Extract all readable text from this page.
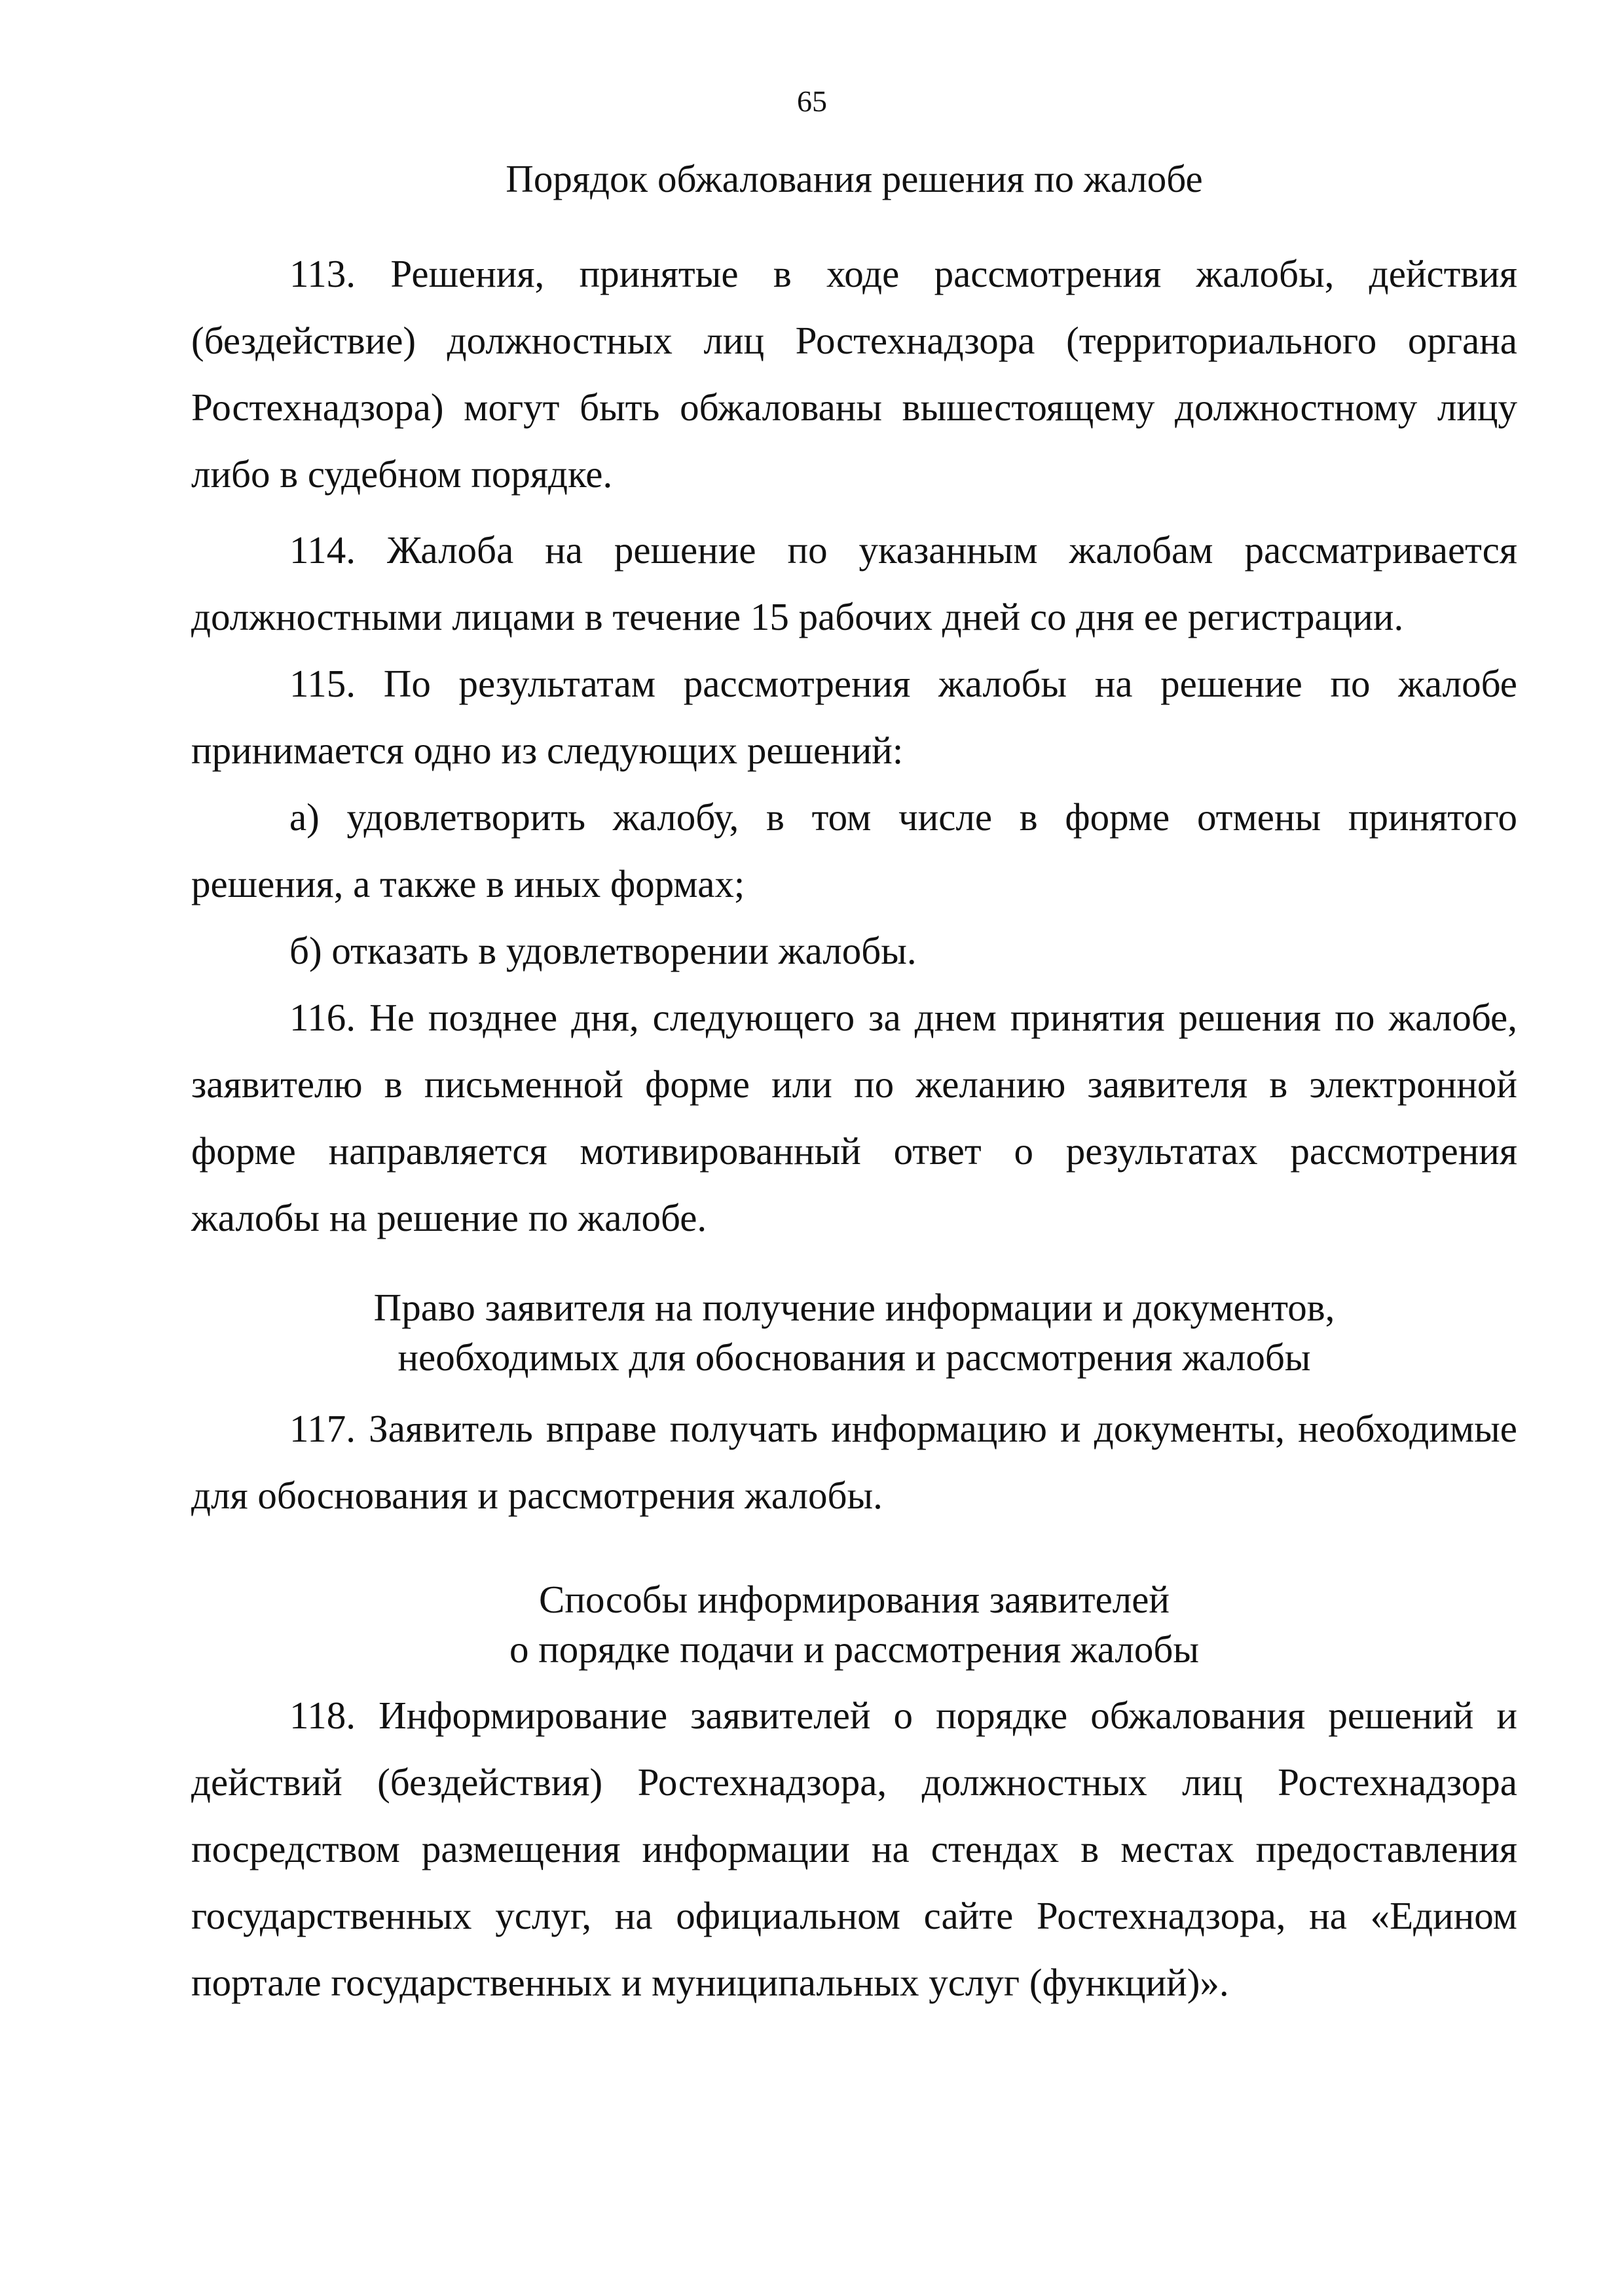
65
Порядок обжалования решения по жалобе

113. Решения, принятые в ходе рассмотрения жалобы, действия (бездействие) должностных лиц Ростехнадзора (территориального органа Ростехнадзора) могут быть обжалованы вышестоящему должностному лицу либо в судебном порядке.

114. Жалоба на решение по указанным жалобам рассматривается должностными лицами в течение 15 рабочих дней со дня ее регистрации.

115. По результатам рассмотрения жалобы на решение по жалобе принимается одно из следующих решений:

а) удовлетворить жалобу, в том числе в форме отмены принятого решения, а также в иных формах;

б) отказать в удовлетворении жалобы.

116. Не позднее дня, следующего за днем принятия решения по жалобе, заявителю в письменной форме или по желанию заявителя в электронной форме направляется мотивированный ответ о результатах рассмотрения жалобы на решение по жалобе.

Право заявителя на получение информации и документов,
необходимых для обоснования и рассмотрения жалобы

117. Заявитель вправе получать информацию и документы, необходимые для обоснования и рассмотрения жалобы.

Способы информирования заявителей
о порядке подачи и рассмотрения жалобы

118. Информирование заявителей о порядке обжалования решений и действий (бездействия) Ростехнадзора, должностных лиц Ростехнадзора посредством размещения информации на стендах в местах предоставления государственных услуг, на официальном сайте Ростехнадзора, на «Едином портале государственных и муниципальных услуг (функций)».
